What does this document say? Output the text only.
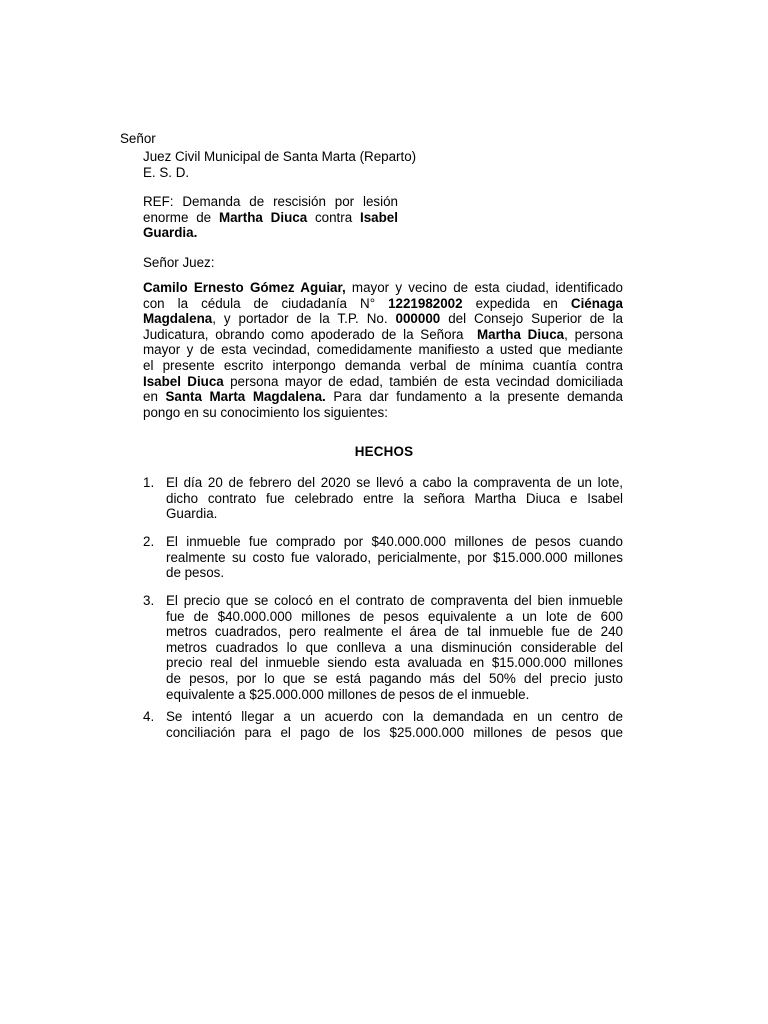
Señor
Juez Civil Municipal de Santa Marta (Reparto)
E. S. D.
REF: Demanda de rescisión por lesión
enorme de Martha Diuca contra Isabel
Guardia.
Señor Juez:
Camilo Ernesto Gómez Aguiar, mayor y vecino de esta ciudad, identificado
con la cédula de ciudadanía N° 1221982002 expedida en Ciénaga
Magdalena, y portador de la T.P. No. 000000 del Consejo Superior de la
Judicatura, obrando como apoderado de la Señora  Martha Diuca, persona
mayor y de esta vecindad, comedidamente manifiesto a usted que mediante
el presente escrito interpongo demanda verbal de mínima cuantía contra
Isabel Diuca persona mayor de edad, también de esta vecindad domiciliada
en Santa Marta Magdalena. Para dar fundamento a la presente demanda
pongo en su conocimiento los siguientes:
HECHOS
1. El día 20 de febrero del 2020 se llevó a cabo la compraventa de un lote,
dicho contrato fue celebrado entre la señora Martha Diuca e Isabel
Guardia.
2. El inmueble fue comprado por $40.000.000 millones de pesos cuando
realmente su costo fue valorado, pericialmente, por $15.000.000 millones
de pesos.
3. El precio que se colocó en el contrato de compraventa del bien inmueble
fue de $40.000.000 millones de pesos equivalente a un lote de 600
metros cuadrados, pero realmente el área de tal inmueble fue de 240
metros cuadrados lo que conlleva a una disminución considerable del
precio real del inmueble siendo esta avaluada en $15.000.000 millones
de pesos, por lo que se está pagando más del 50% del precio justo
equivalente a $25.000.000 millones de pesos de el inmueble.
4. Se intentó llegar a un acuerdo con la demandada en un centro de
conciliación para el pago de los $25.000.000 millones de pesos que
